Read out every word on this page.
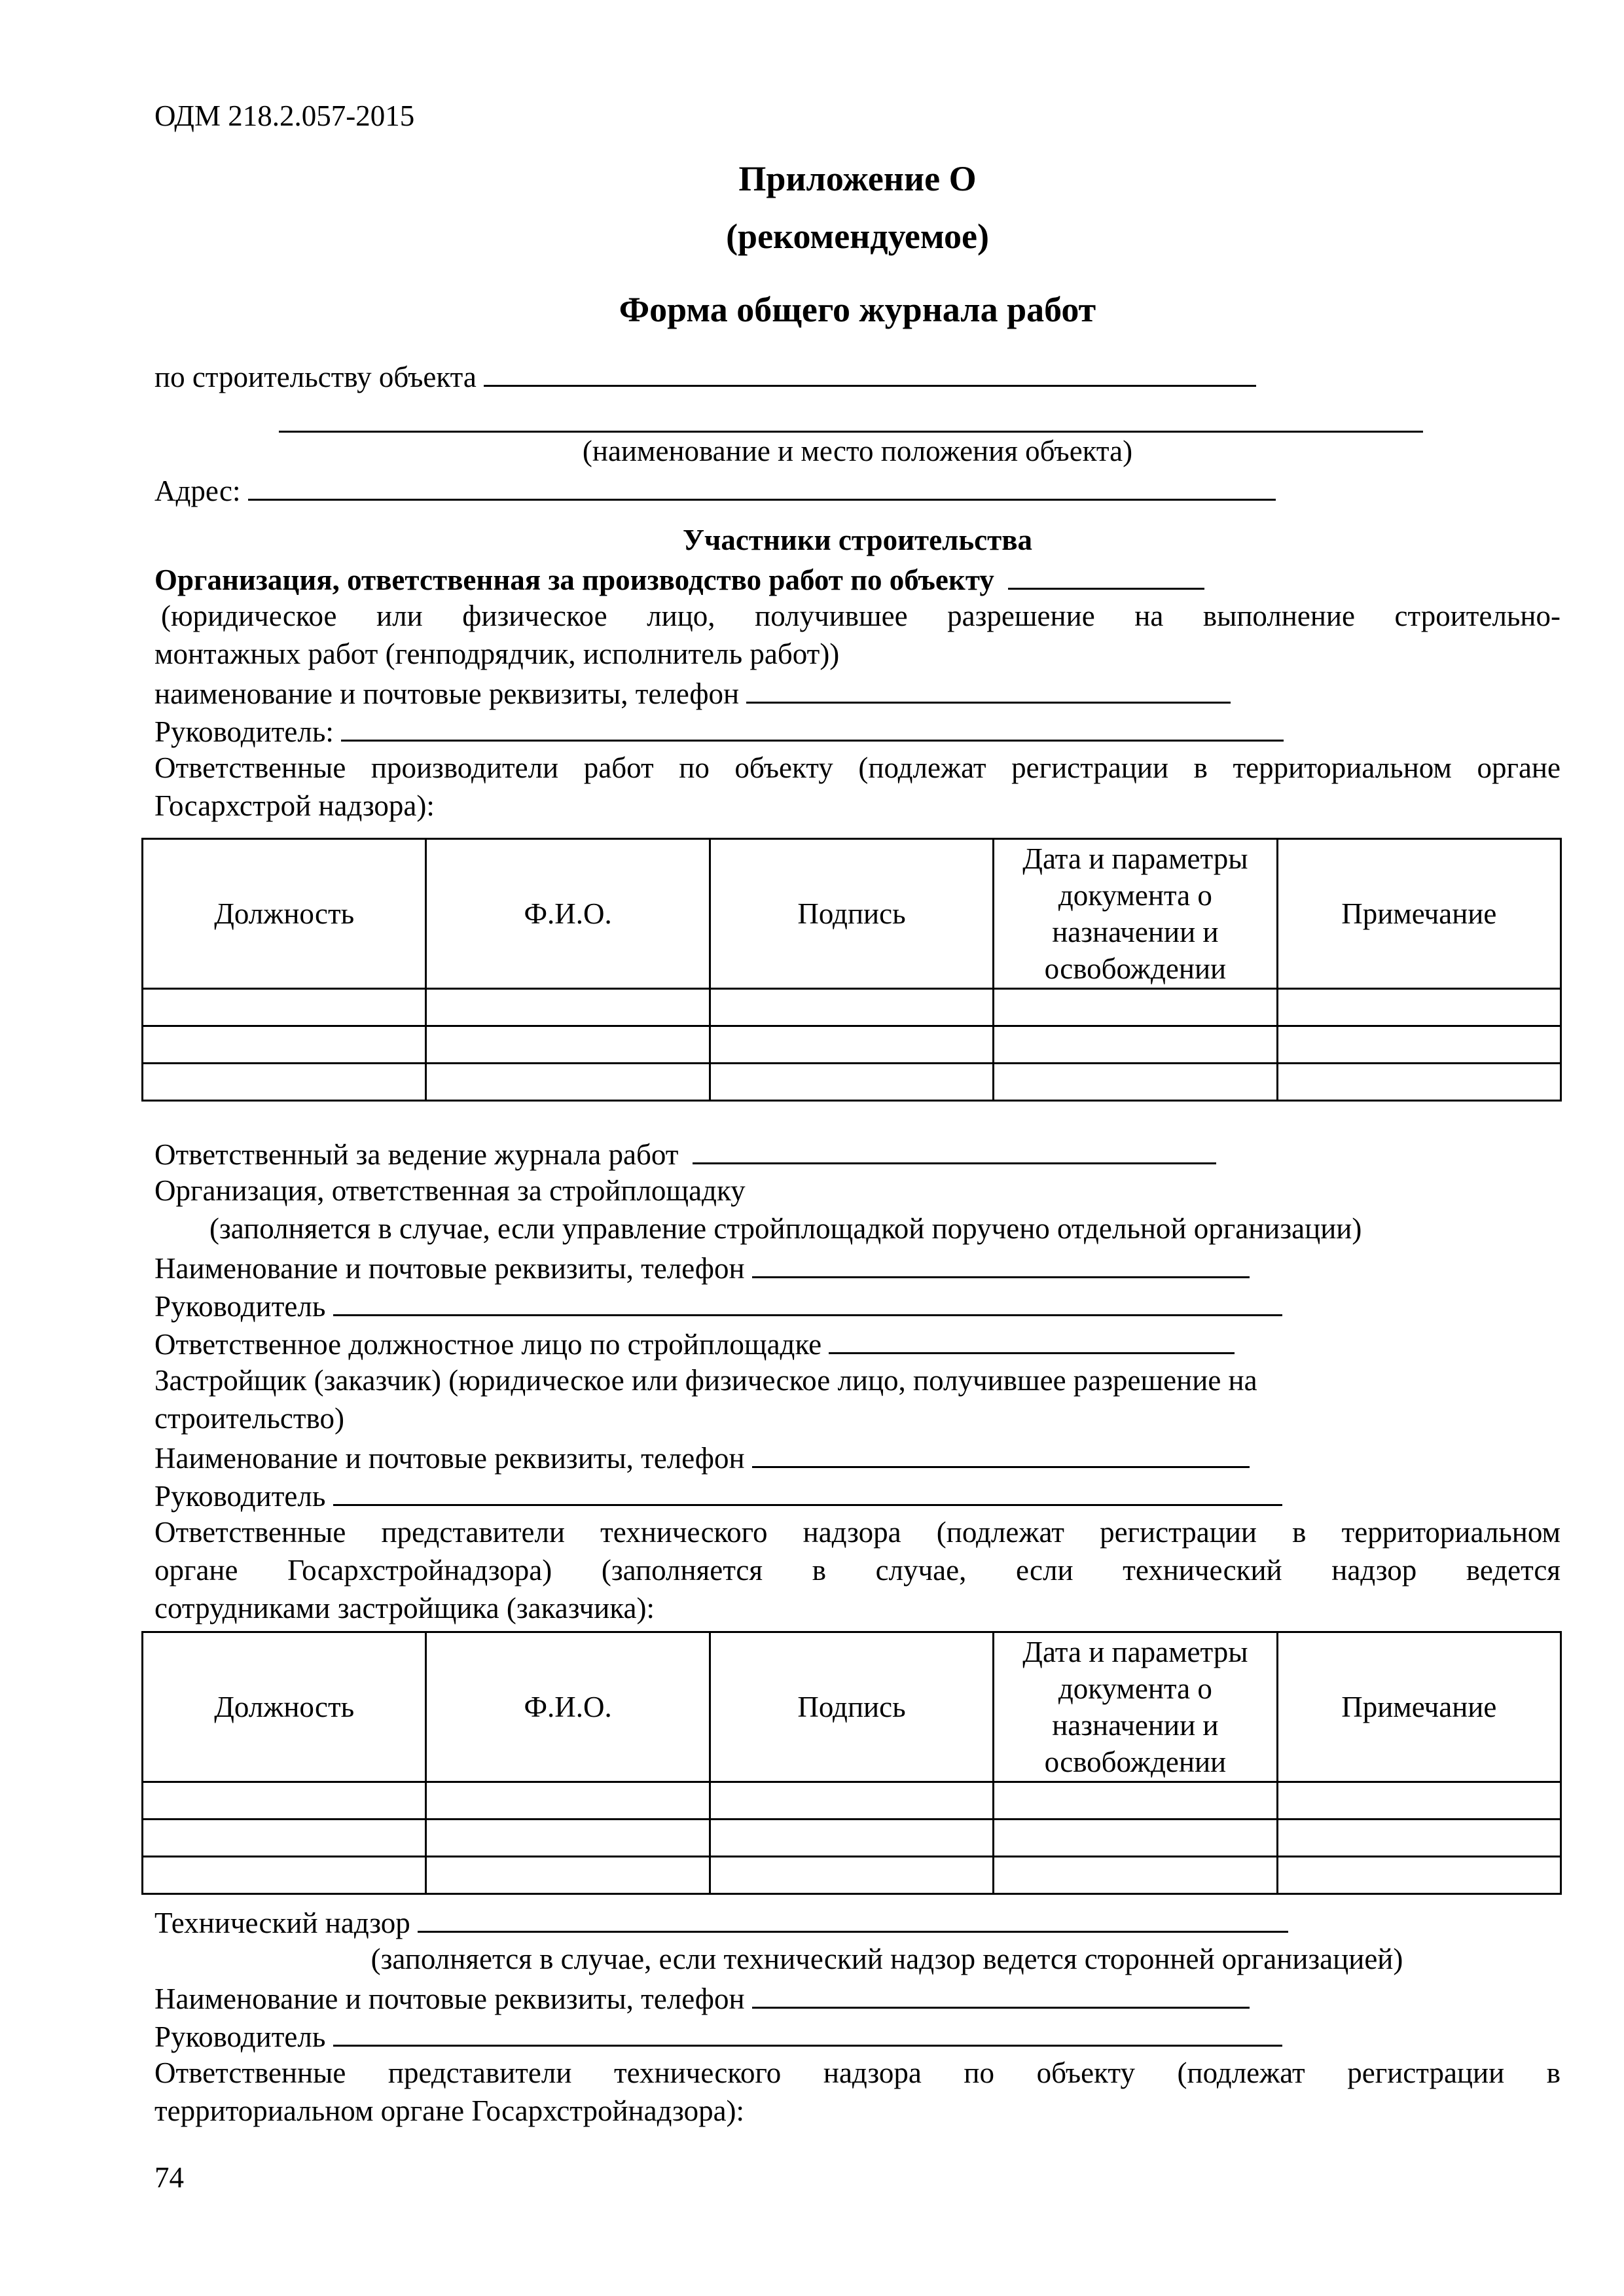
ОДМ 218.2.057-2015
Приложение О
(рекомендуемое)
Форма общего журнала работ
по строительству объекта
(наименование и место положения объекта)
Адрес:
Участники строительства
Организация, ответственная за производство работ по объекту
(юридическое или физическое лицо, получившее разрешение на выполнение строительно-
монтажных работ (генподрядчик, исполнитель работ))
наименование и почтовые реквизиты, телефон
Руководитель:
Ответственные производители работ по объекту (подлежат регистрации в территориальном органе
Госархстрой надзора):
Должность	Ф.И.О.	Подпись	Дата и параметры документа о назначении и освобождении	Примечание

Ответственный за ведение журнала работ
Организация, ответственная за стройплощадку
(заполняется в случае, если управление стройплощадкой поручено отдельной организации)
Наименование и почтовые реквизиты, телефон
Руководитель
Ответственное должностное лицо по стройплощадке
Застройщик (заказчик) (юридическое или физическое лицо, получившее разрешение на
строительство)
Наименование и почтовые реквизиты, телефон
Руководитель
Ответственные представители технического надзора (подлежат регистрации в территориальном
органе Госархстройнадзора) (заполняется в случае, если технический надзор ведется
сотрудниками застройщика (заказчика):
Должность	Ф.И.О.	Подпись	Дата и параметры документа о назначении и освобождении	Примечание

Технический надзор
(заполняется в случае, если технический надзор ведется сторонней организацией)
Наименование и почтовые реквизиты, телефон
Руководитель
Ответственные представители технического надзора по объекту (подлежат регистрации в
территориальном органе Госархстройнадзора):
74
